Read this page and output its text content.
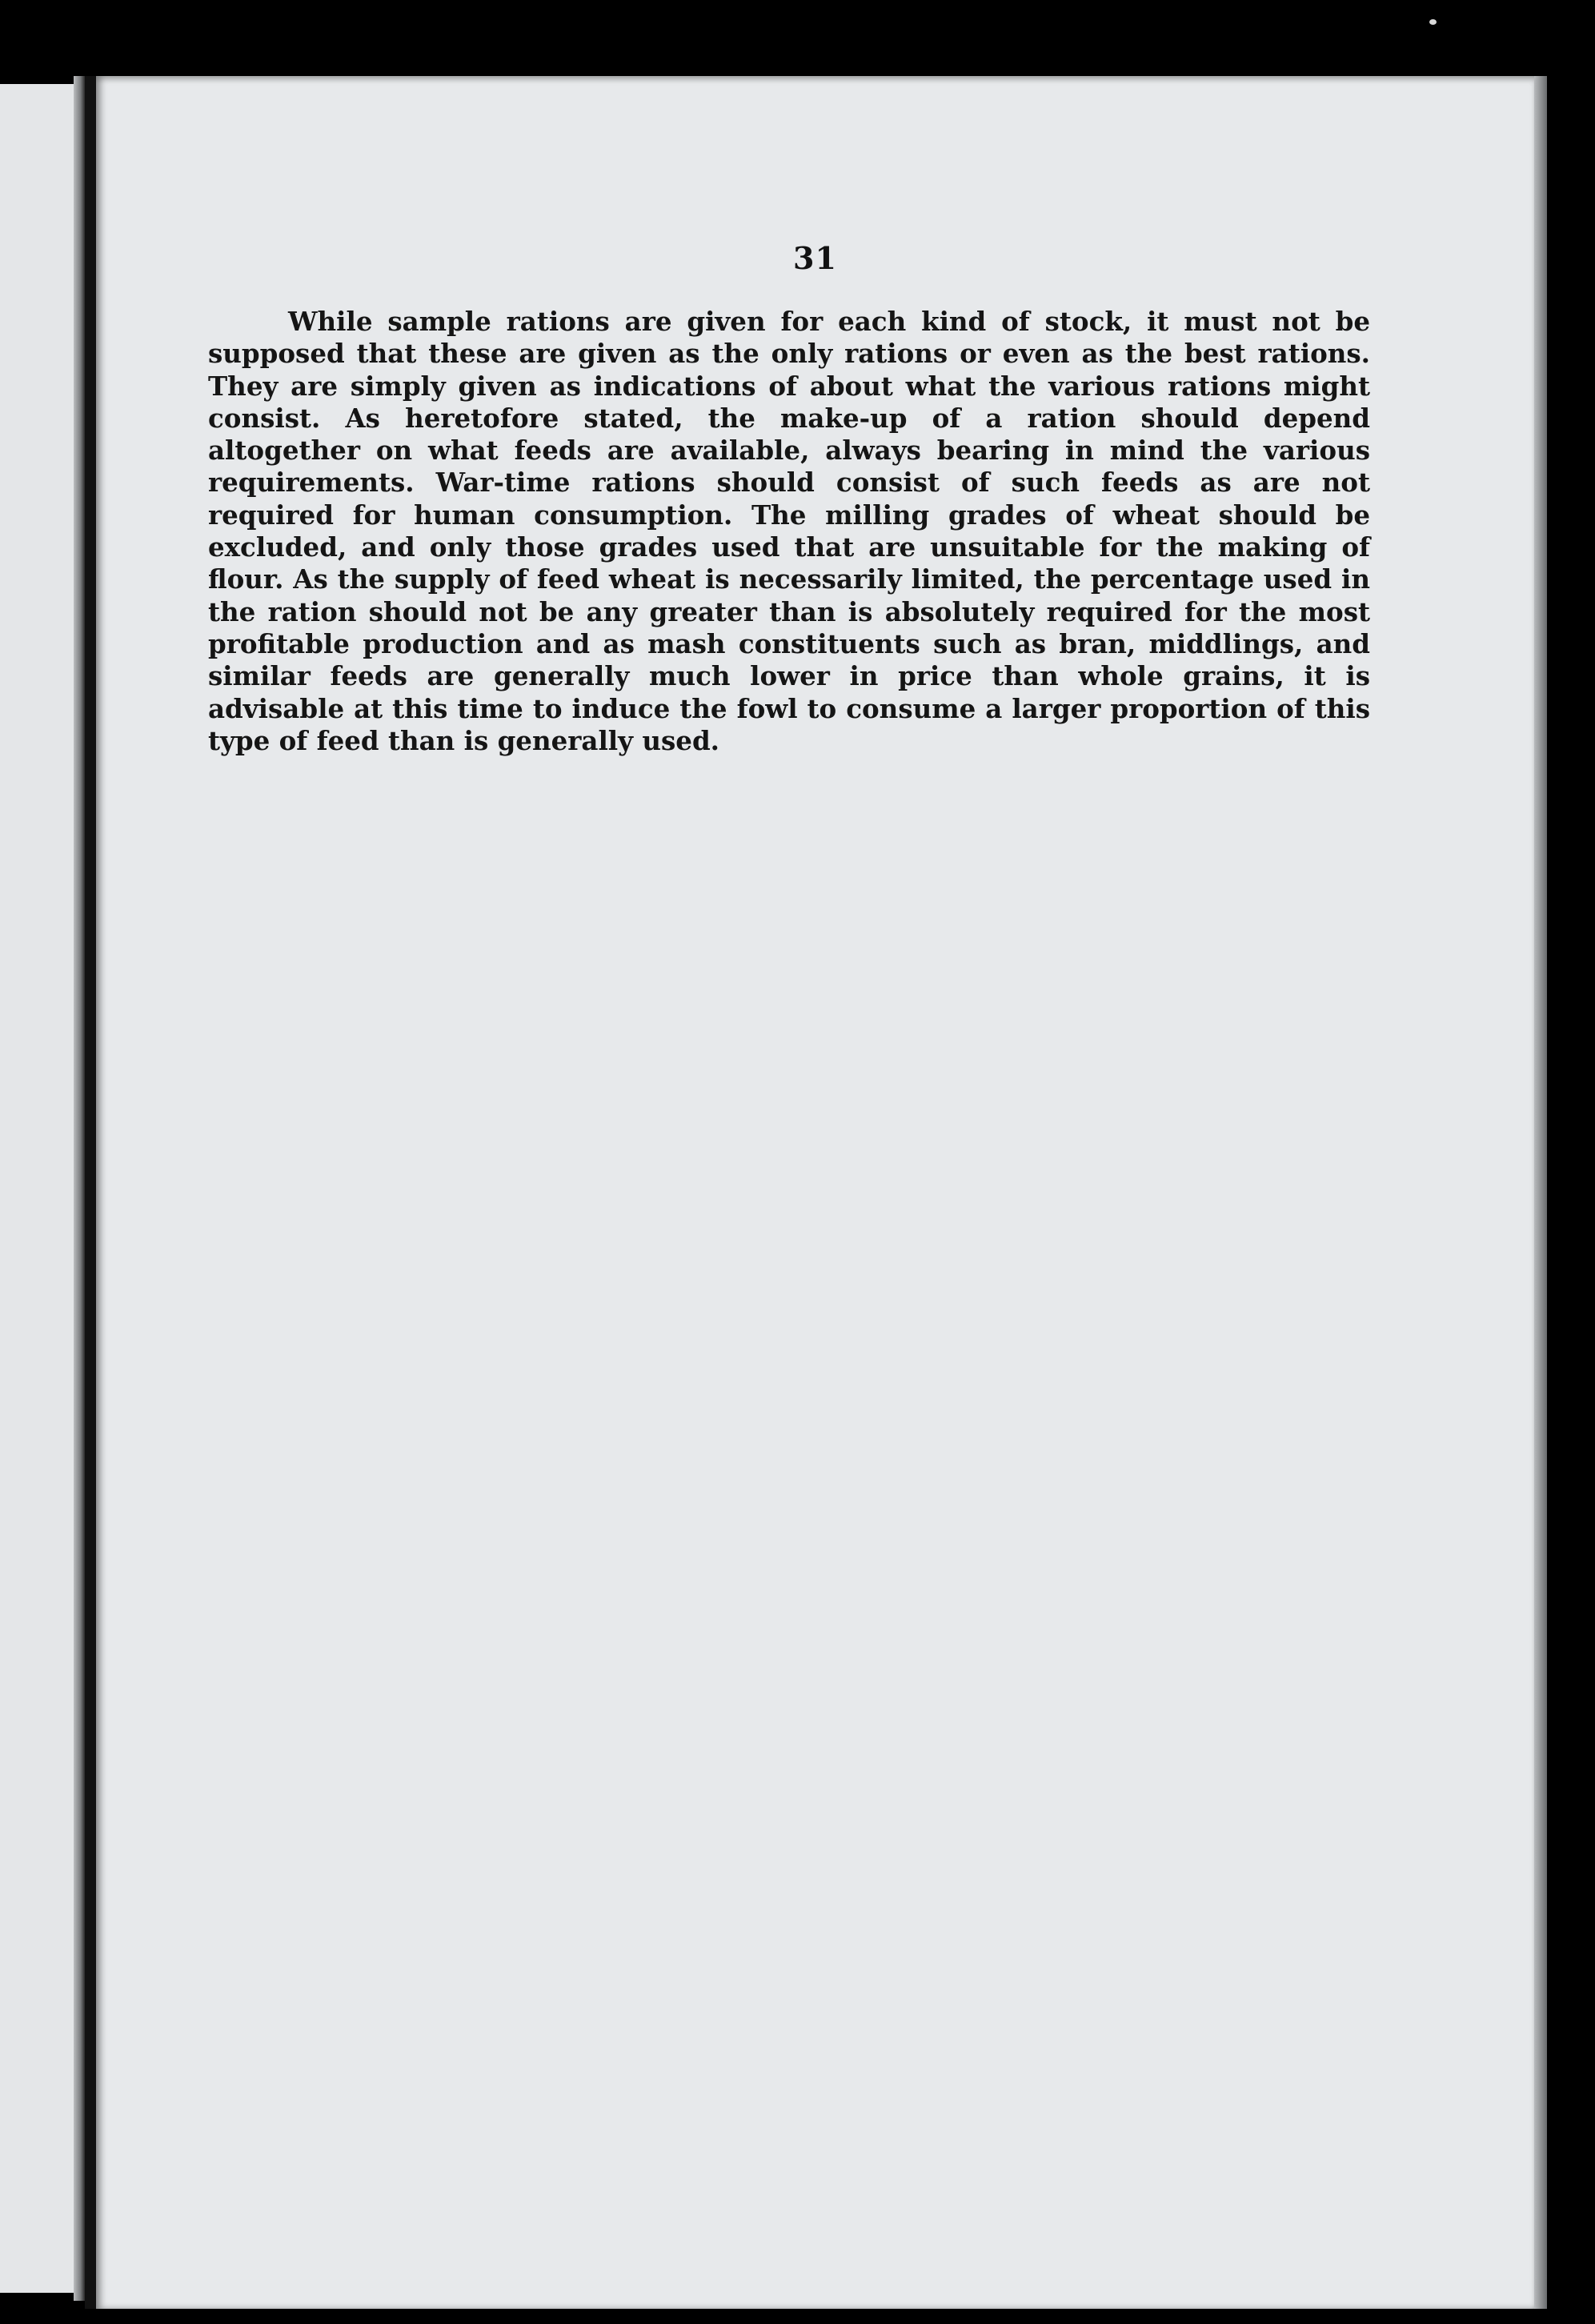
31

While sample rations are given for each kind of stock, it must not be supposed that these are given as the only rations or even as the best rations. They are simply given as indications of about what the various rations might consist. As heretofore stated, the make-up of a ration should depend altogether on what feeds are available, always bearing in mind the various requirements. War-time rations should consist of such feeds as are not required for human consumption. The milling grades of wheat should be excluded, and only those grades used that are unsuitable for the making of flour. As the supply of feed wheat is necessarily limited, the percentage used in the ration should not be any greater than is absolutely required for the most profitable production and as mash constituents such as bran, middlings, and similar feeds are generally much lower in price than whole grains, it is advisable at this time to induce the fowl to consume a larger proportion of this type of feed than is generally used.
